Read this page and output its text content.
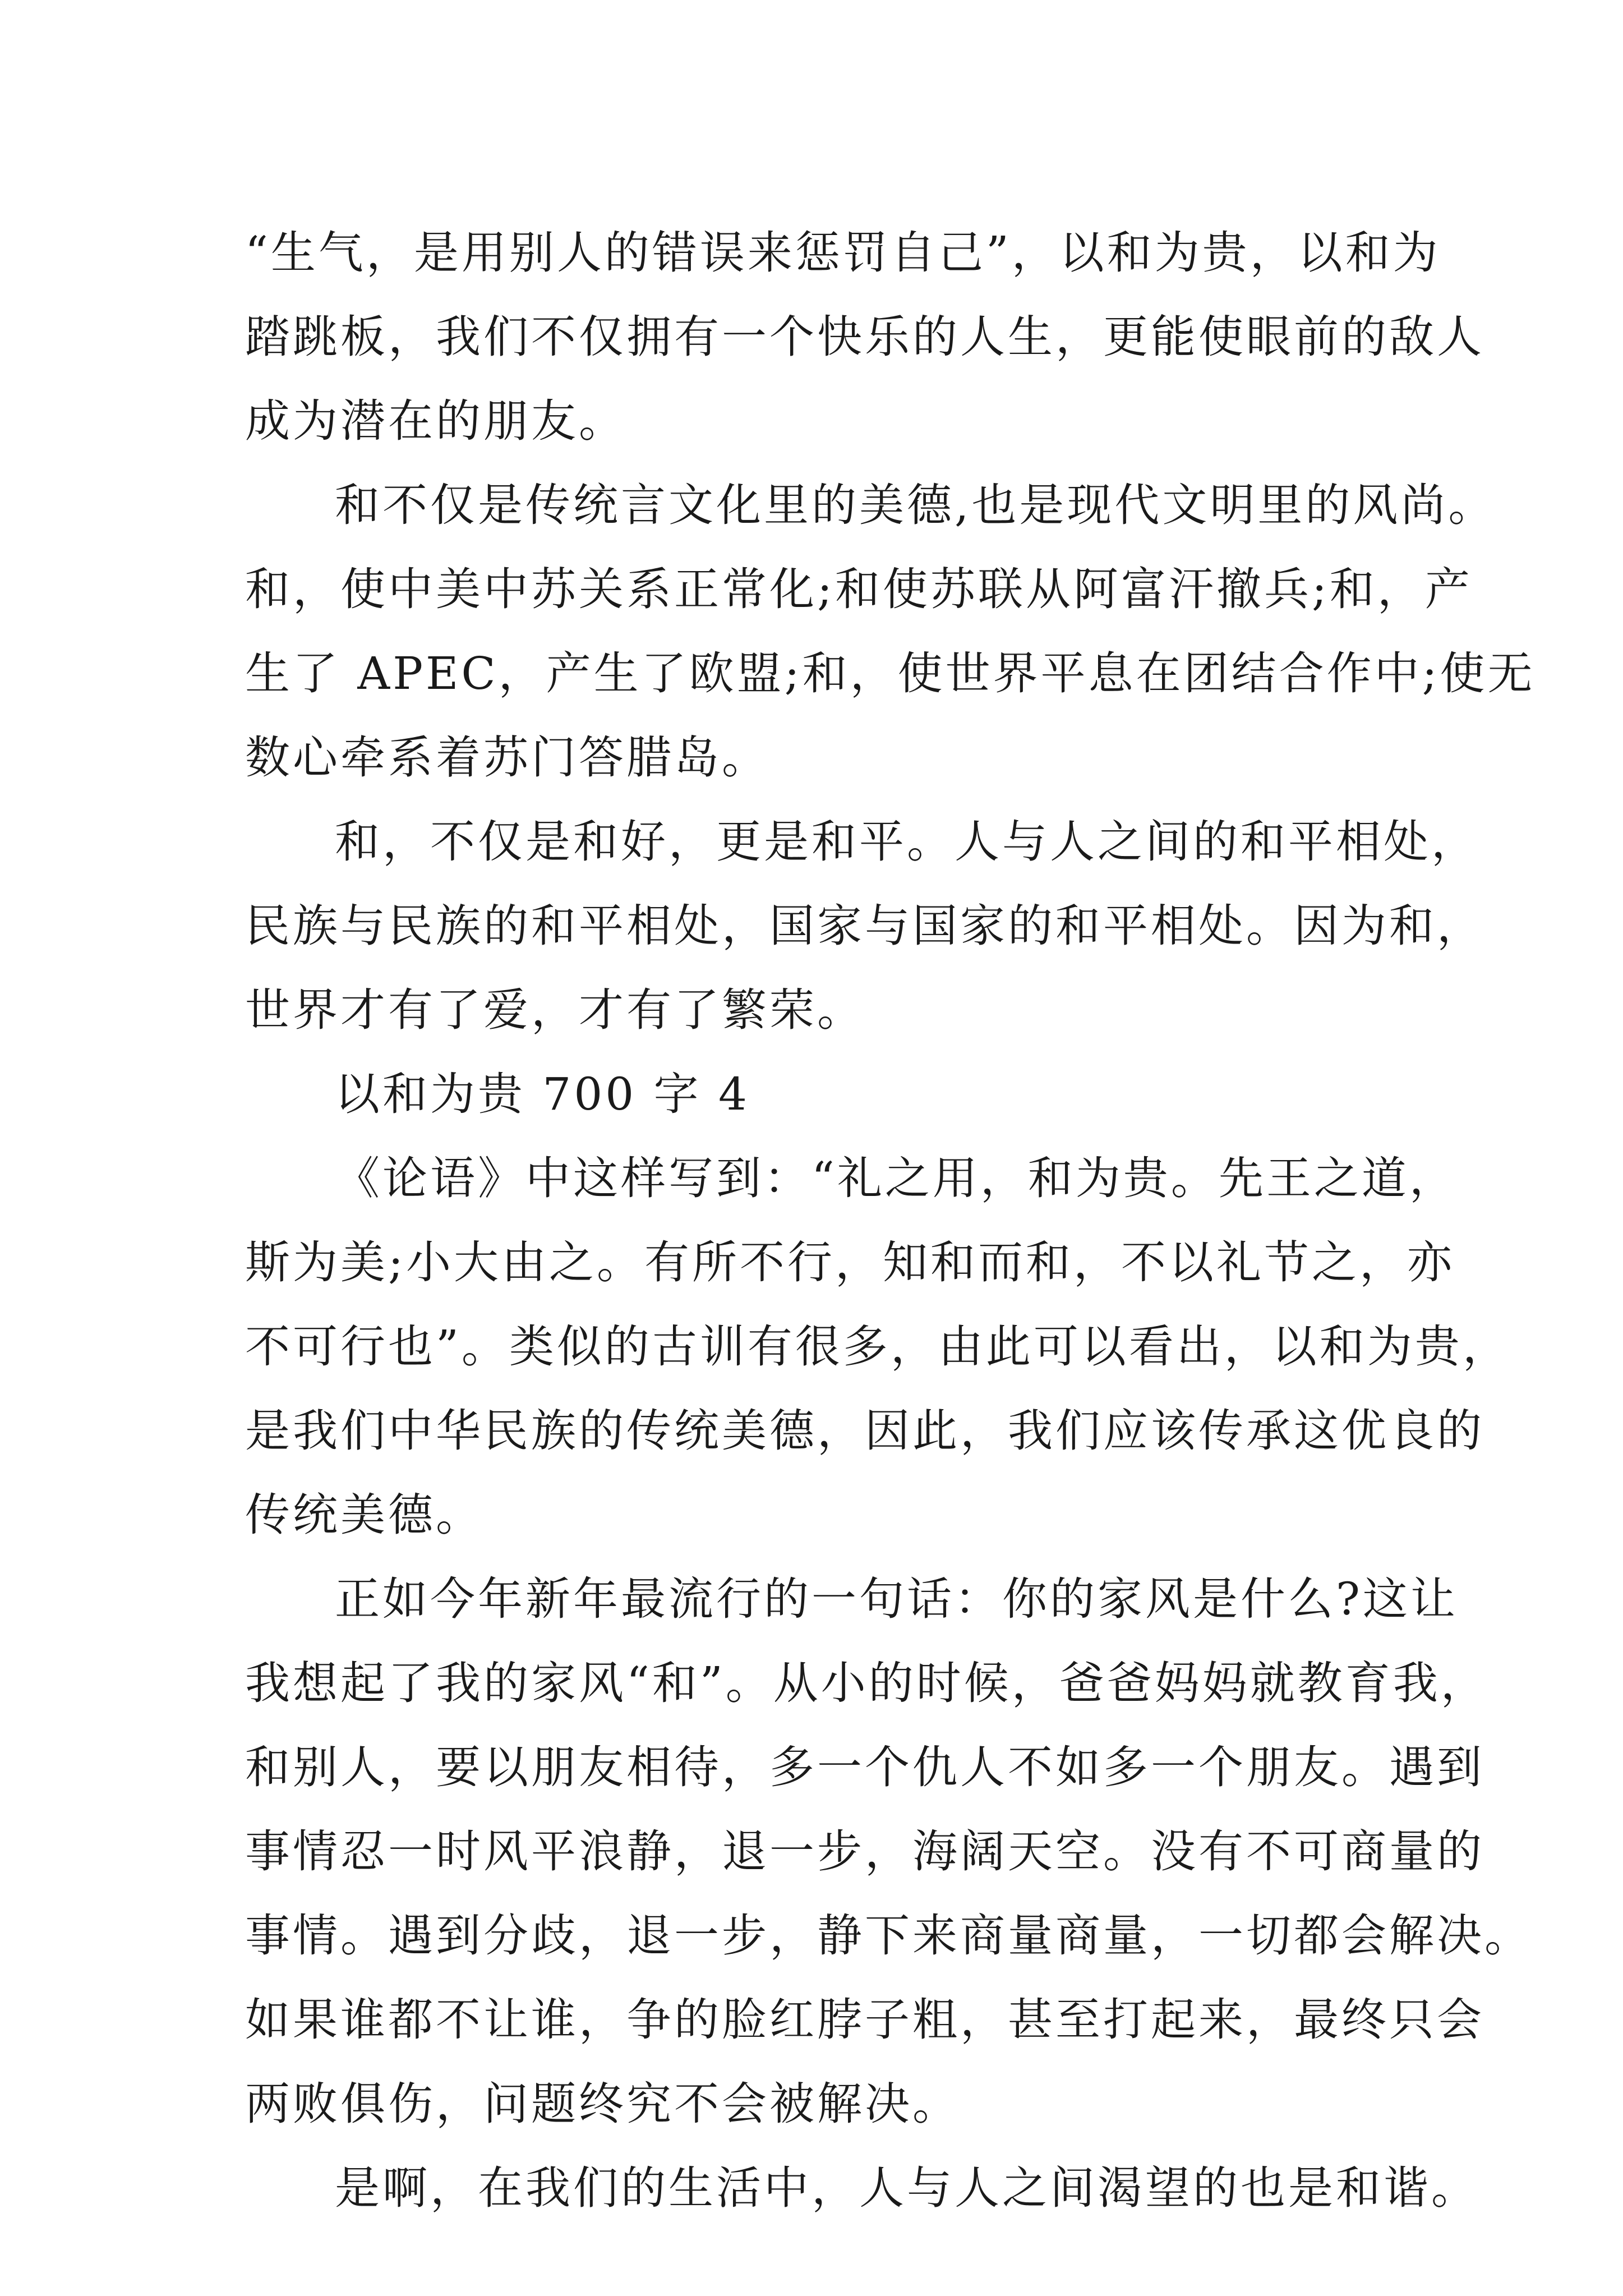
“生气，是用别人的错误来惩罚自己”，以和为贵，以和为
踏跳板，我们不仅拥有一个快乐的人生，更能使眼前的敌人
成为潜在的朋友。
和不仅是传统言文化里的美德,也是现代文明里的风尚。
和，使中美中苏关系正常化;和使苏联从阿富汗撤兵;和，产
生了 APEC，产生了欧盟;和，使世界平息在团结合作中;使无
数心牵系着苏门答腊岛。
和，不仅是和好，更是和平。人与人之间的和平相处，
民族与民族的和平相处，国家与国家的和平相处。因为和，
世界才有了爱，才有了繁荣。
以和为贵 700 字 4
《论语》中这样写到：“礼之用，和为贵。先王之道，
斯为美;小大由之。有所不行，知和而和，不以礼节之，亦
不可行也”。类似的古训有很多，由此可以看出，以和为贵，
是我们中华民族的传统美德，因此，我们应该传承这优良的
传统美德。
正如今年新年最流行的一句话：你的家风是什么?这让
我想起了我的家风“和”。从小的时候，爸爸妈妈就教育我，
和别人，要以朋友相待，多一个仇人不如多一个朋友。遇到
事情忍一时风平浪静，退一步，海阔天空。没有不可商量的
事情。遇到分歧，退一步，静下来商量商量，一切都会解决。
如果谁都不让谁，争的脸红脖子粗，甚至打起来，最终只会
两败俱伤，问题终究不会被解决。
是啊，在我们的生活中，人与人之间渴望的也是和谐。
